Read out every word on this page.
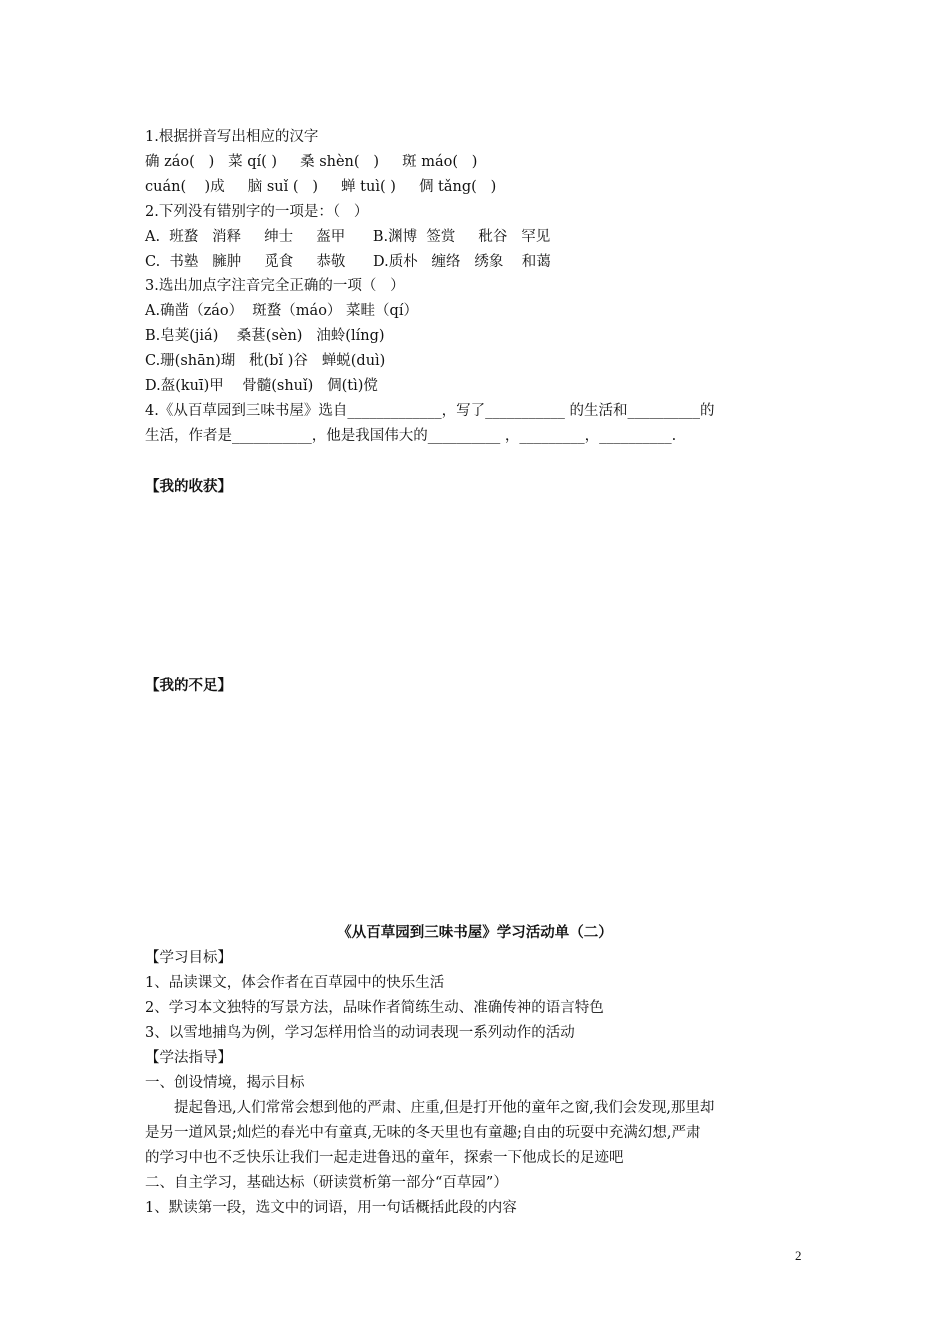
1.根据拼音写出相应的汉字
确 záo(   )   菜 qí( )     桑 shèn(   )     斑 máo(   )
cuán(    )成     脑 suǐ (   )     蝉 tuì( )     倜 tǎng(   )
2.下列没有错别字的一项是：（   ）
A.  班蝥   消释     绅士     盔甲      B.渊博  签赏     秕谷   罕见
C.  书塾   臃肿     觅食     恭敬      D.质朴   缠络   绣象    和蔼
3.选出加点字注音完全正确的一项（   ）
A.确凿（záo）  斑蝥（máo） 菜畦（qí）
B.皂荚(jiá)    桑葚(sèn)   油蛉(líng)
C.珊(shān)瑚   秕(bǐ )谷   蝉蜕(duì)
D.盔(kuī)甲    骨髓(shuǐ)   倜(tì)傥
4.《从百草园到三味书屋》选自_____________，写了___________ 的生活和__________的
生活，作者是___________，他是我国伟大的__________ ，_________，__________.
【我的收获】
【我的不足】
《从百草园到三味书屋》学习活动单（二）
【学习目标】
1、品读课文，体会作者在百草园中的快乐生活
2、学习本文独特的写景方法，品味作者简练生动、准确传神的语言特色
3、以雪地捕鸟为例，学习怎样用恰当的动词表现一系列动作的活动
【学法指导】
一、创设情境，揭示目标
提起鲁迅,人们常常会想到他的严肃、庄重,但是打开他的童年之窗,我们会发现,那里却
是另一道风景;灿烂的春光中有童真,无味的冬天里也有童趣;自由的玩耍中充满幻想,严肃
的学习中也不乏快乐让我们一起走进鲁迅的童年，探索一下他成长的足迹吧
二、自主学习，基础达标（研读赏析第一部分“百草园”）
1、默读第一段，选文中的词语，用一句话概括此段的内容
2
